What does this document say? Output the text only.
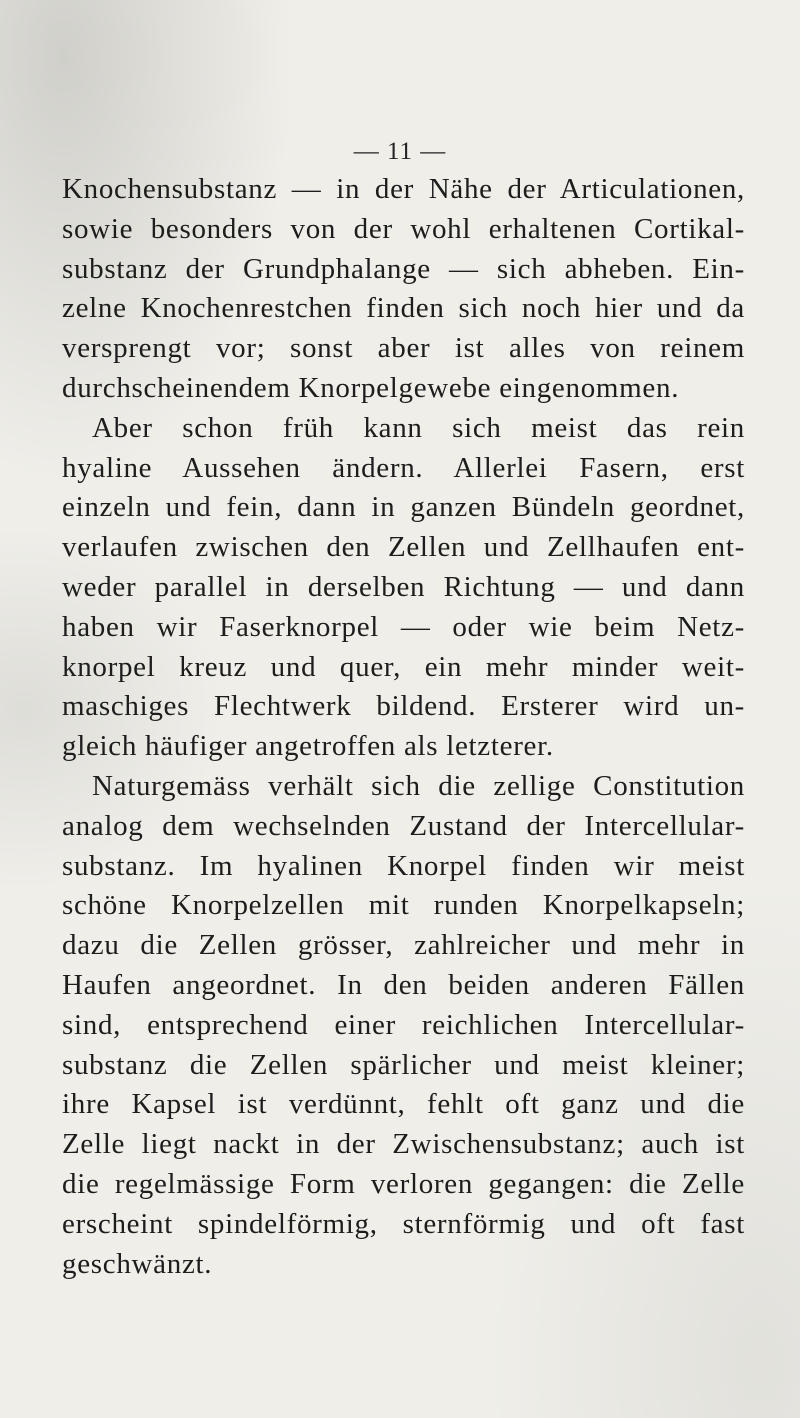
— 11 —
Knochensubstanz — in der Nähe der Articulationen,
sowie besonders von der wohl erhaltenen Cortikal-
substanz der Grundphalange — sich abheben. Ein-
zelne Knochenrestchen finden sich noch hier und da
versprengt vor; sonst aber ist alles von reinem
durchscheinendem Knorpelgewebe eingenommen.
Aber schon früh kann sich meist das rein
hyaline Aussehen ändern. Allerlei Fasern, erst
einzeln und fein, dann in ganzen Bündeln geordnet,
verlaufen zwischen den Zellen und Zellhaufen ent-
weder parallel in derselben Richtung — und dann
haben wir Faserknorpel — oder wie beim Netz-
knorpel kreuz und quer, ein mehr minder weit-
maschiges Flechtwerk bildend. Ersterer wird un-
gleich häufiger angetroffen als letzterer.
Naturgemäss verhält sich die zellige Constitution
analog dem wechselnden Zustand der Intercellular-
substanz. Im hyalinen Knorpel finden wir meist
schöne Knorpelzellen mit runden Knorpelkapseln;
dazu die Zellen grösser, zahlreicher und mehr in
Haufen angeordnet. In den beiden anderen Fällen
sind, entsprechend einer reichlichen Intercellular-
substanz die Zellen spärlicher und meist kleiner;
ihre Kapsel ist verdünnt, fehlt oft ganz und die
Zelle liegt nackt in der Zwischensubstanz; auch ist
die regelmässige Form verloren gegangen: die Zelle
erscheint spindelförmig, sternförmig und oft fast
geschwänzt.
